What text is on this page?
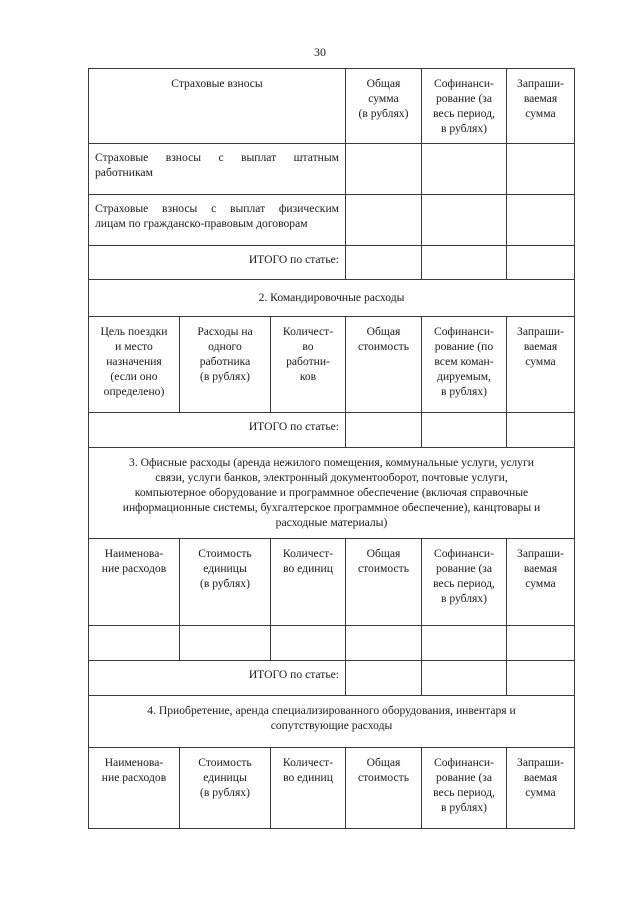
30
Страховые взносы	Общая
сумма
(в рублях)
Софинанси-
рование (за
весь период,
в рублях)
Запраши-
ваемая
сумма
Страховые взносы с выплат штатным
работникам
Страховые взносы с выплат физическим
лицам по гражданско-правовым договорам
ИТОГО по статье:
2. Командировочные расходы
Цель поездки
и место
назначения
(если оно
определено)
Расходы на
одного
работника
(в рублях)
Количест-
во
работни-
ков
Общая
стоимость
Софинанси-
рование (по
всем коман-
дируемым,
в рублях)
Запраши-
ваемая
сумма
ИТОГО по статье:
3. Офисные расходы (аренда нежилого помещения, коммунальные услуги, услуги
связи, услуги банков, электронный документооборот, почтовые услуги,
компьютерное оборудование и программное обеспечение (включая справочные
информационные системы, бухгалтерское программное обеспечение), канцтовары и
расходные материалы)
Наименова-
ние расходов
Стоимость
единицы
(в рублях)
Количест-
во единиц
Общая
стоимость
Софинанси-
рование (за
весь период,
в рублях)
Запраши-
ваемая
сумма
ИТОГО по статье:
4. Приобретение, аренда специализированного оборудования, инвентаря и
сопутствующие расходы
Наименова-
ние расходов
Стоимость
единицы
(в рублях)
Количест-
во единиц
Общая
стоимость
Софинанси-
рование (за
весь период,
в рублях)
Запраши-
ваемая
сумма
